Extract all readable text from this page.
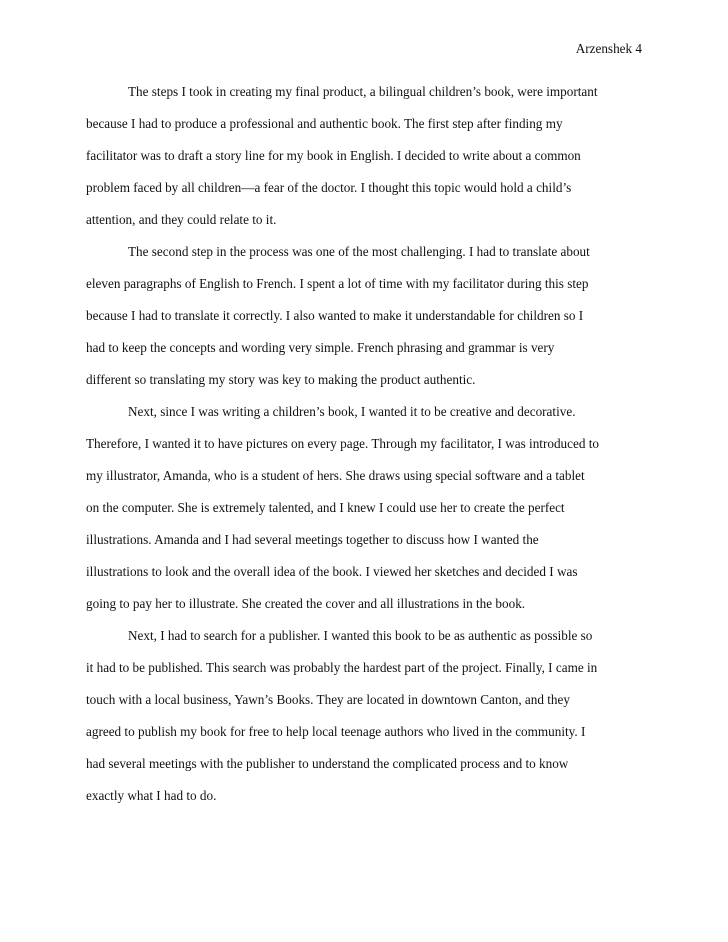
Arzenshek 4
The steps I took in creating my final product, a bilingual children’s book, were important
because I had to produce a professional and authentic book. The first step after finding my
facilitator was to draft a story line for my book in English. I decided to write about a common
problem faced by all children—a fear of the doctor. I thought this topic would hold a child’s
attention, and they could relate to it.
The second step in the process was one of the most challenging. I had to translate about
eleven paragraphs of English to French. I spent a lot of time with my facilitator during this step
because I had to translate it correctly. I also wanted to make it understandable for children so I
had to keep the concepts and wording very simple. French phrasing and grammar is very
different so translating my story was key to making the product authentic.
Next, since I was writing a children’s book, I wanted it to be creative and decorative.
Therefore, I wanted it to have pictures on every page. Through my facilitator, I was introduced to
my illustrator, Amanda, who is a student of hers. She draws using special software and a tablet
on the computer. She is extremely talented, and I knew I could use her to create the perfect
illustrations. Amanda and I had several meetings together to discuss how I wanted the
illustrations to look and the overall idea of the book. I viewed her sketches and decided I was
going to pay her to illustrate. She created the cover and all illustrations in the book.
Next, I had to search for a publisher. I wanted this book to be as authentic as possible so
it had to be published. This search was probably the hardest part of the project. Finally, I came in
touch with a local business, Yawn’s Books. They are located in downtown Canton, and they
agreed to publish my book for free to help local teenage authors who lived in the community. I
had several meetings with the publisher to understand the complicated process and to know
exactly what I had to do.
